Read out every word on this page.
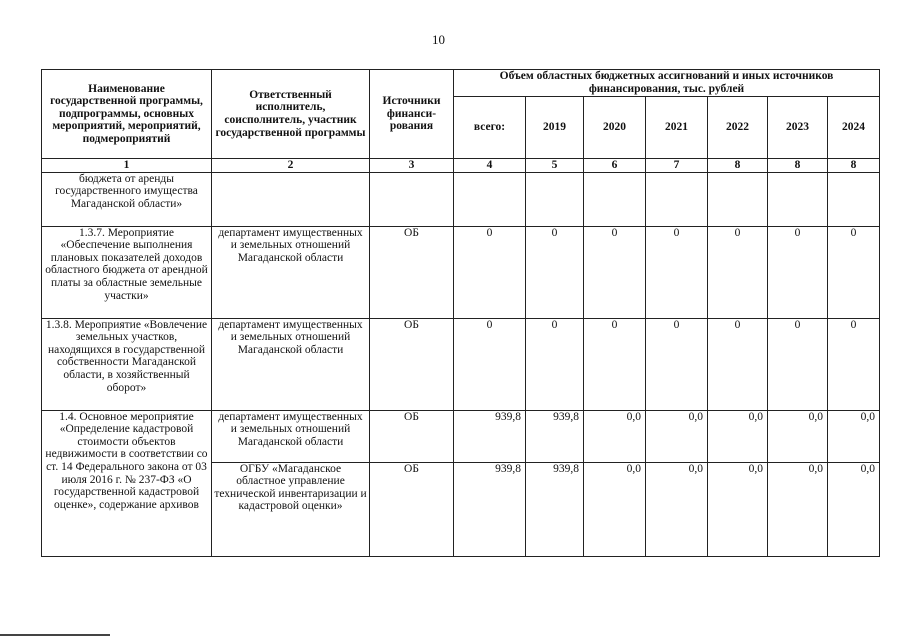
10
Наименование государственной программы, подпрограммы, основных мероприятий, мероприятий, подмероприятий	Ответственный исполнитель, соисполнитель, участник государственной программы	Источники финанси-рования	Объем областных бюджетных ассигнований и иных источников финансирования, тыс. рублей						
			всего:	2019	2020	2021	2022	2023	2024
1	2	3	4	5	6	7	8	8	8
бюджета от аренды государственного имущества Магаданской области»									
1.3.7. Мероприятие «Обеспечение выполнения плановых показателей доходов областного бюджета от арендной платы за областные земельные участки»	департамент имущественных и земельных отношений Магаданской области	ОБ	0	0	0	0	0	0	0
1.3.8. Мероприятие «Вовлечение земельных участков, находящихся в государственной собственности Магаданской области, в хозяйственный оборот»	департамент имущественных и земельных отношений Магаданской области	ОБ	0	0	0	0	0	0	0
1.4. Основное мероприятие «Определение кадастровой стоимости объектов недвижимости в соответствии со ст. 14 Федерального закона от 03 июля 2016 г. № 237-ФЗ «О государственной кадастровой оценке», содержание архивов	департамент имущественных и земельных отношений Магаданской области	ОБ	939,8	939,8	0,0	0,0	0,0	0,0	0,0
	ОГБУ «Магаданское областное управление технической инвентаризации и кадастровой оценки»	ОБ	939,8	939,8	0,0	0,0	0,0	0,0	0,0
